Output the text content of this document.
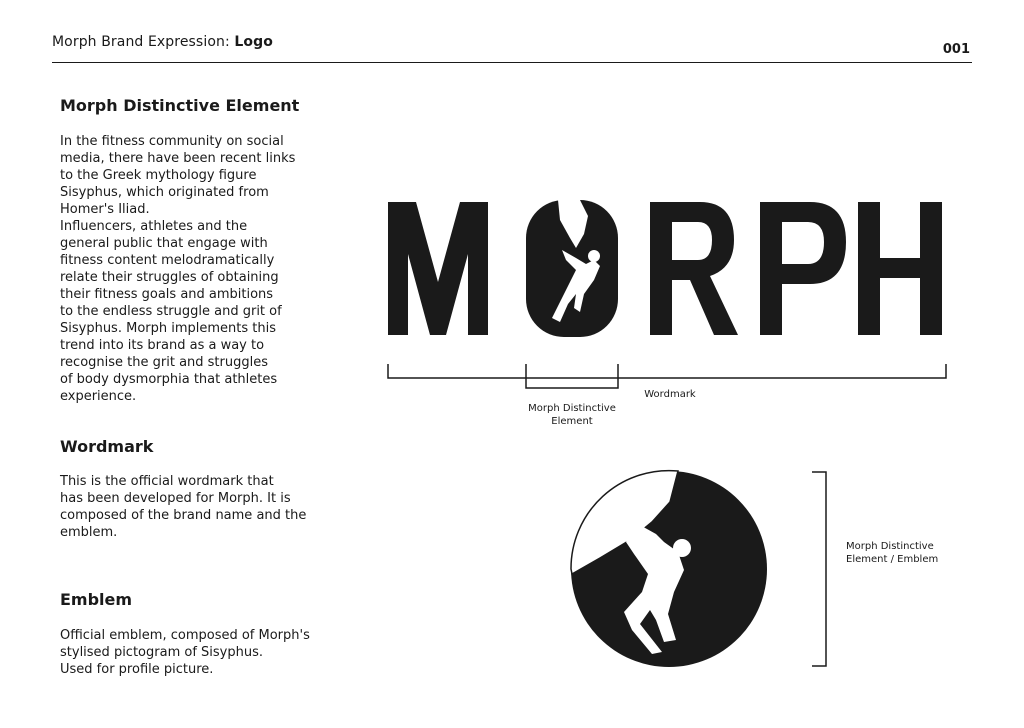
Morph Brand Expression: Logo	001
Morph Distinctive Element
In the fitness community on social
media, there have been recent links
to the Greek mythology figure
Sisyphus, which originated from
Homer's Iliad.
Influencers, athletes and the
general public that engage with
fitness content melodramatically
relate their struggles of obtaining
their fitness goals and ambitions
to the endless struggle and grit of
Sisyphus. Morph implements this
trend into its brand as a way to
recognise the grit and struggles
of body dysmorphia that athletes
experience.
Wordmark
This is the official wordmark that
has been developed for Morph. It is
composed of the brand name and the
emblem.
Emblem
Official emblem, composed of Morph's
stylised pictogram of Sisyphus.
Used for profile picture.
Morph Distinctive
Element
Wordmark
Morph Distinctive
Element / Emblem
